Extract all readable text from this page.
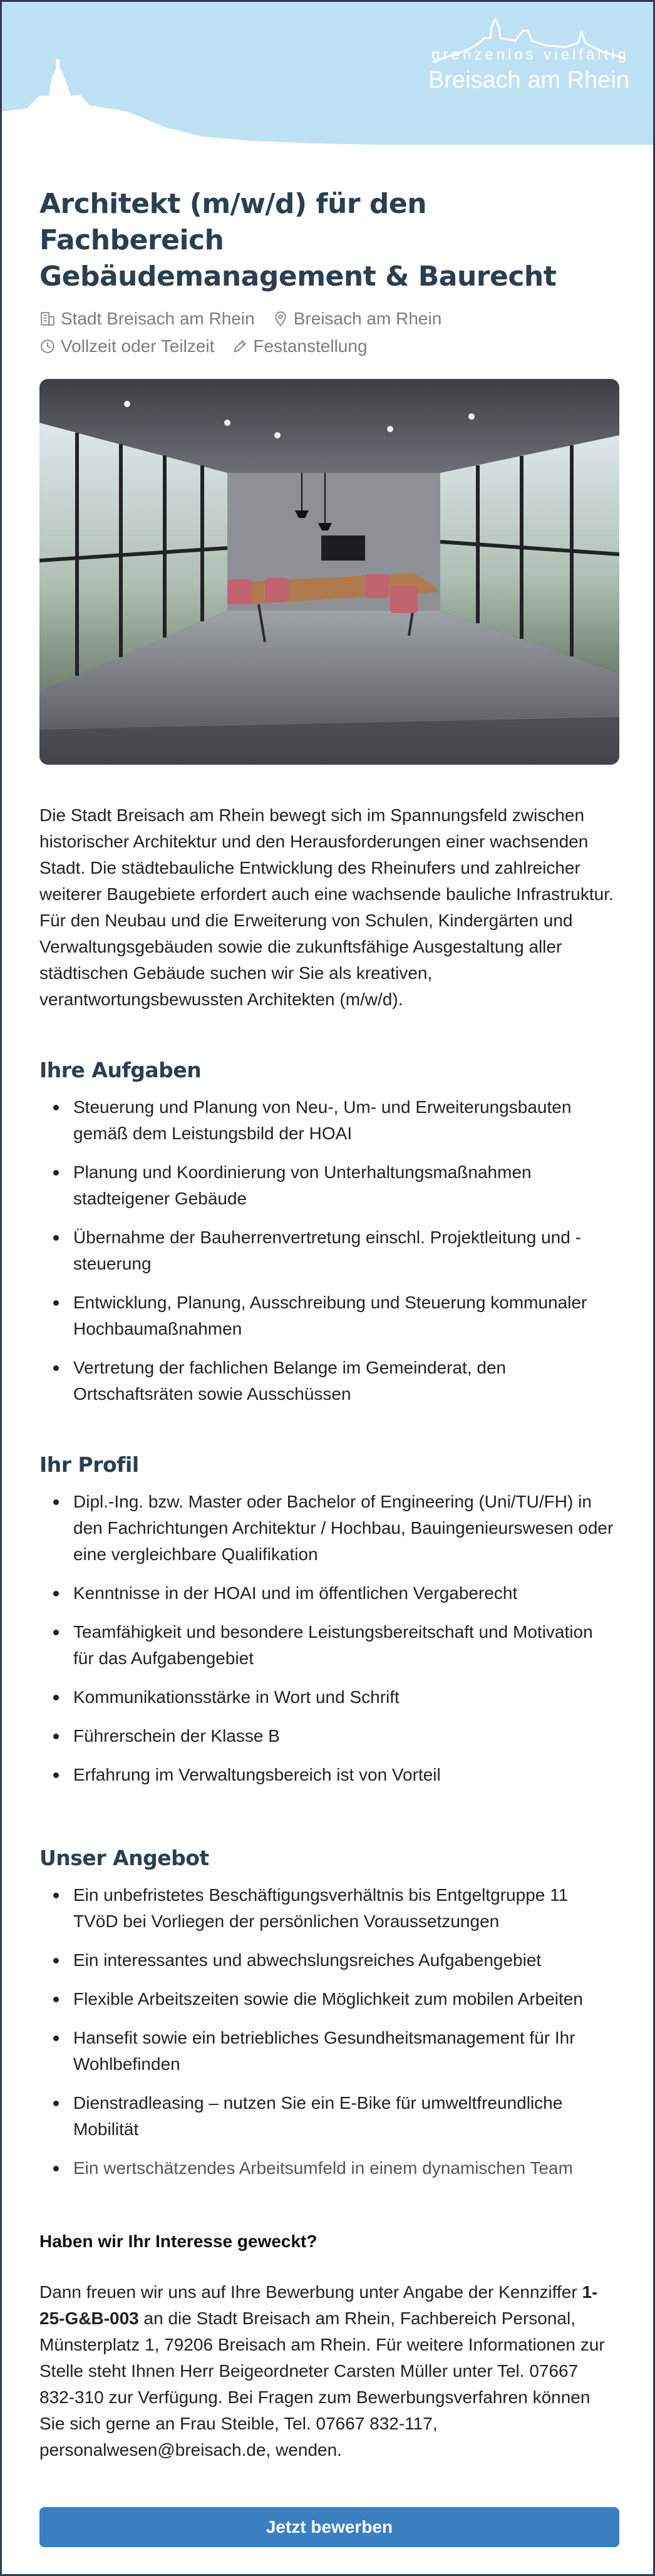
grenzenlos vielfältig
Breisach am Rhein
Architekt (m/w/d) für den Fachbereich
Gebäudemanagement & Baurecht
Stadt Breisach am Rhein Breisach am Rhein
Vollzeit oder Teilzeit Festanstellung

Die Stadt Breisach am Rhein bewegt sich im Spannungsfeld zwischen historischer Architektur und den Herausforderungen einer wachsenden Stadt. Die städtebauliche Entwicklung des Rheinufers und zahlreicher weiterer Baugebiete erfordert auch eine wachsende bauliche Infrastruktur. Für den Neubau und die Erweiterung von Schulen, Kindergärten und Verwaltungsgebäuden sowie die zukunftsfähige Ausgestaltung aller städtischen Gebäude suchen wir Sie als kreativen, verantwortungsbewussten Architekten (m/w/d).

Ihre Aufgaben
Steuerung und Planung von Neu-, Um- und Erweiterungsbauten gemäß dem Leistungsbild der HOAI
Planung und Koordinierung von Unterhaltungsmaßnahmen stadteigener Gebäude
Übernahme der Bauherrenvertretung einschl. Projektleitung und -steuerung
Entwicklung, Planung, Ausschreibung und Steuerung kommunaler Hochbaumaßnahmen
Vertretung der fachlichen Belange im Gemeinderat, den Ortschaftsräten sowie Ausschüssen
Ihr Profil
Dipl.-Ing. bzw. Master oder Bachelor of Engineering (Uni/TU/FH) in den Fachrichtungen Architektur / Hochbau, Bauingenieurswesen oder eine vergleichbare Qualifikation
Kenntnisse in der HOAI und im öffentlichen Vergaberecht
Teamfähigkeit und besondere Leistungsbereitschaft und Motivation für das Aufgabengebiet
Kommunikationsstärke in Wort und Schrift
Führerschein der Klasse B
Erfahrung im Verwaltungsbereich ist von Vorteil
Unser Angebot
Ein unbefristetes Beschäftigungsverhältnis bis Entgeltgruppe 11 TVöD bei Vorliegen der persönlichen Voraussetzungen
Ein interessantes und abwechslungsreiches Aufgabengebiet
Flexible Arbeitszeiten sowie die Möglichkeit zum mobilen Arbeiten
Hansefit sowie ein betriebliches Gesundheitsmanagement für Ihr Wohlbefinden
Dienstradleasing – nutzen Sie ein E-Bike für umweltfreundliche Mobilität
Ein wertschätzendes Arbeitsumfeld in einem dynamischen Team
Haben wir Ihr Interesse geweckt?

Dann freuen wir uns auf Ihre Bewerbung unter Angabe der Kennziffer 1-25-G&B-003 an die Stadt Breisach am Rhein, Fachbereich Personal, Münsterplatz 1, 79206 Breisach am Rhein. Für weitere Informationen zur Stelle steht Ihnen Herr Beigeordneter Carsten Müller unter Tel. 07667 832-310 zur Verfügung. Bei Fragen zum Bewerbungsverfahren können Sie sich gerne an Frau Steible, Tel. 07667 832-117, personalwesen@breisach.de, wenden.

Jetzt bewerben
